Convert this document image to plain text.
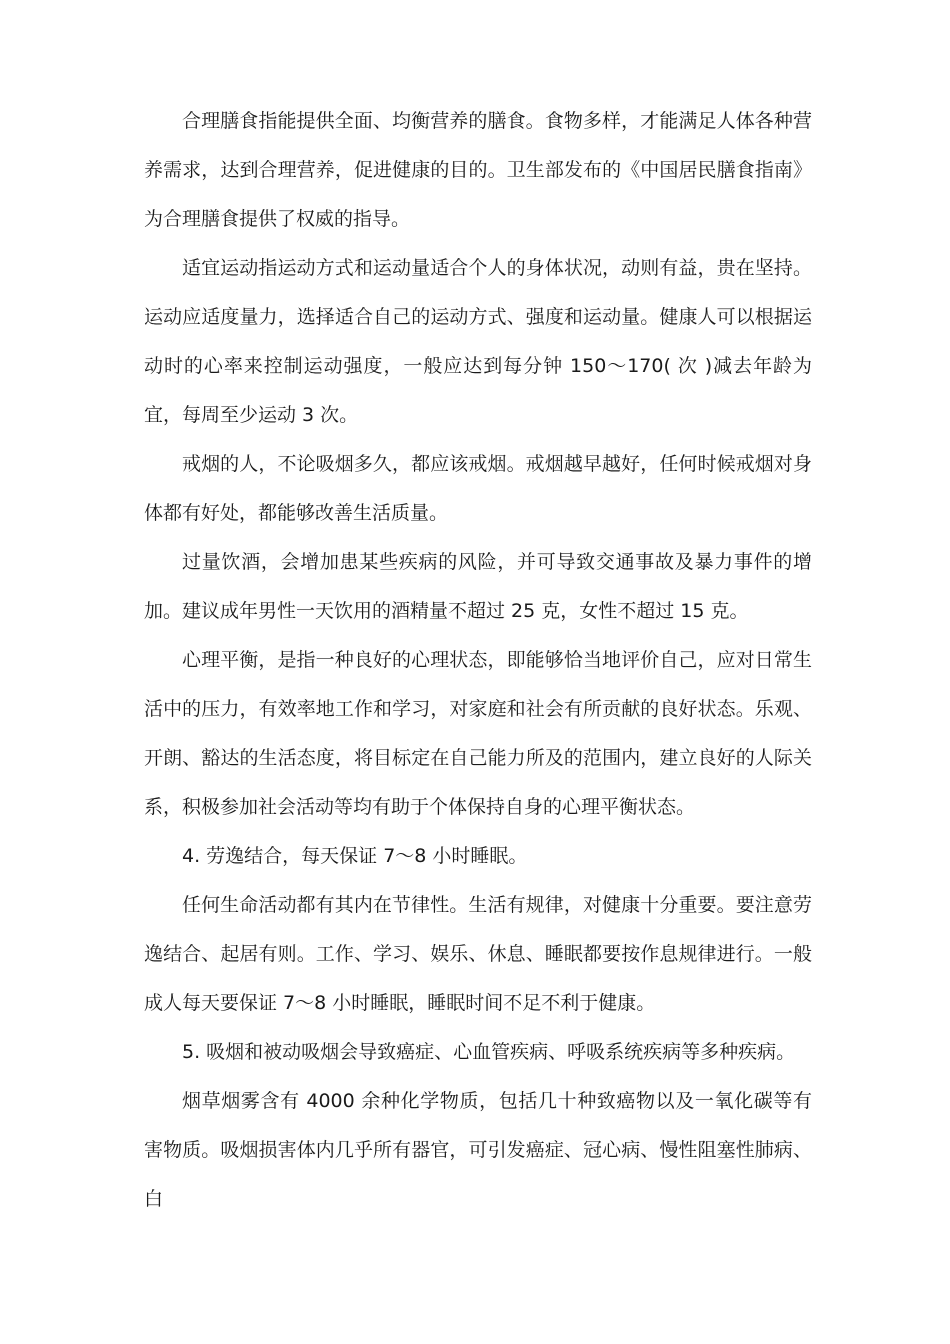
合理膳食指能提供全面、均衡营养的膳食。食物多样，才能满足人体各种营养需求，达到合理营养，促进健康的目的。卫生部发布的《中国居民膳食指南》为合理膳食提供了权威的指导。

适宜运动指运动方式和运动量适合个人的身体状况，动则有益，贵在坚持。运动应适度量力，选择适合自己的运动方式、强度和运动量。健康人可以根据运动时的心率来控制运动强度，一般应达到每分钟 150～170( 次 )减去年龄为宜，每周至少运动 3 次。

戒烟的人，不论吸烟多久，都应该戒烟。戒烟越早越好，任何时候戒烟对身体都有好处，都能够改善生活质量。

过量饮酒，会增加患某些疾病的风险，并可导致交通事故及暴力事件的增加。建议成年男性一天饮用的酒精量不超过 25 克，女性不超过 15 克。

心理平衡，是指一种良好的心理状态，即能够恰当地评价自己，应对日常生活中的压力，有效率地工作和学习，对家庭和社会有所贡献的良好状态。乐观、开朗、豁达的生活态度，将目标定在自己能力所及的范围内，建立良好的人际关系，积极参加社会活动等均有助于个体保持自身的心理平衡状态。

4. 劳逸结合，每天保证 7～8 小时睡眠。

任何生命活动都有其内在节律性。生活有规律，对健康十分重要。要注意劳逸结合、起居有则。工作、学习、娱乐、休息、睡眠都要按作息规律进行。一般成人每天要保证 7～8 小时睡眠，睡眠时间不足不利于健康。

5. 吸烟和被动吸烟会导致癌症、心血管疾病、呼吸系统疾病等多种疾病。

烟草烟雾含有 4000 余种化学物质，包括几十种致癌物以及一氧化碳等有害物质。吸烟损害体内几乎所有器官，可引发癌症、冠心病、慢性阻塞性肺病、白
